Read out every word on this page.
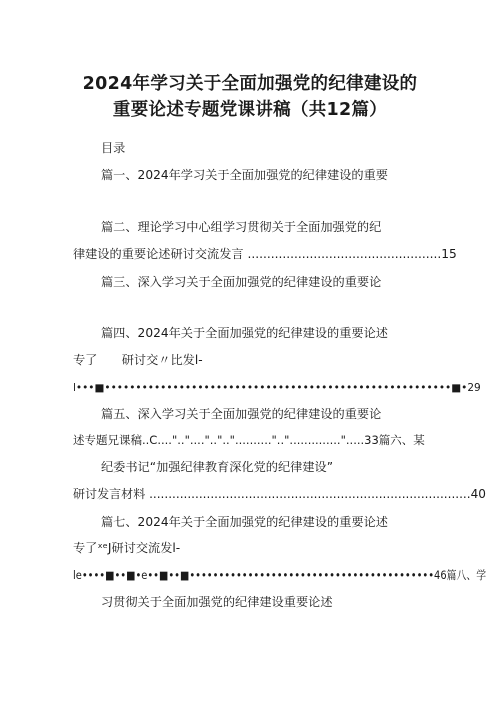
2024年学习关于全面加强党的纪律建设的
重要论述专题党课讲稿（共12篇）
目录
篇一、2024年学习关于全面加强党的纪律建设的重要
篇二、理论学习中心组学习贯彻关于全面加强党的纪
律建设的重要论述研讨交流发言 ..................................................15
篇三、深入学习关于全面加强党的纪律建设的重要论
篇四、2024年关于全面加强党的纪律建设的重要论述
专了　　研讨交〃比发l-
l•••■••••••••••••••••••••••••••••••••••••••••••••••••••••••••■•29
篇五、深入学习关于全面加强党的纪律建设的重要论
述专题兄课稿..C....".."...."..".."..........".."..............".....33篇六、某
纪委书记“加强纪律教育深化党的纪律建设”
研讨发言材料 ....................................................................................40
篇七、2024年关于全面加强党的纪律建设的重要论述
专了ˣᵉJ研讨交流发l-
le••••■••■•e••■••■••••••••••••••••••••••••••••••••••••••••••46篇八、学
习贯彻关于全面加强党的纪律建设重要论述
